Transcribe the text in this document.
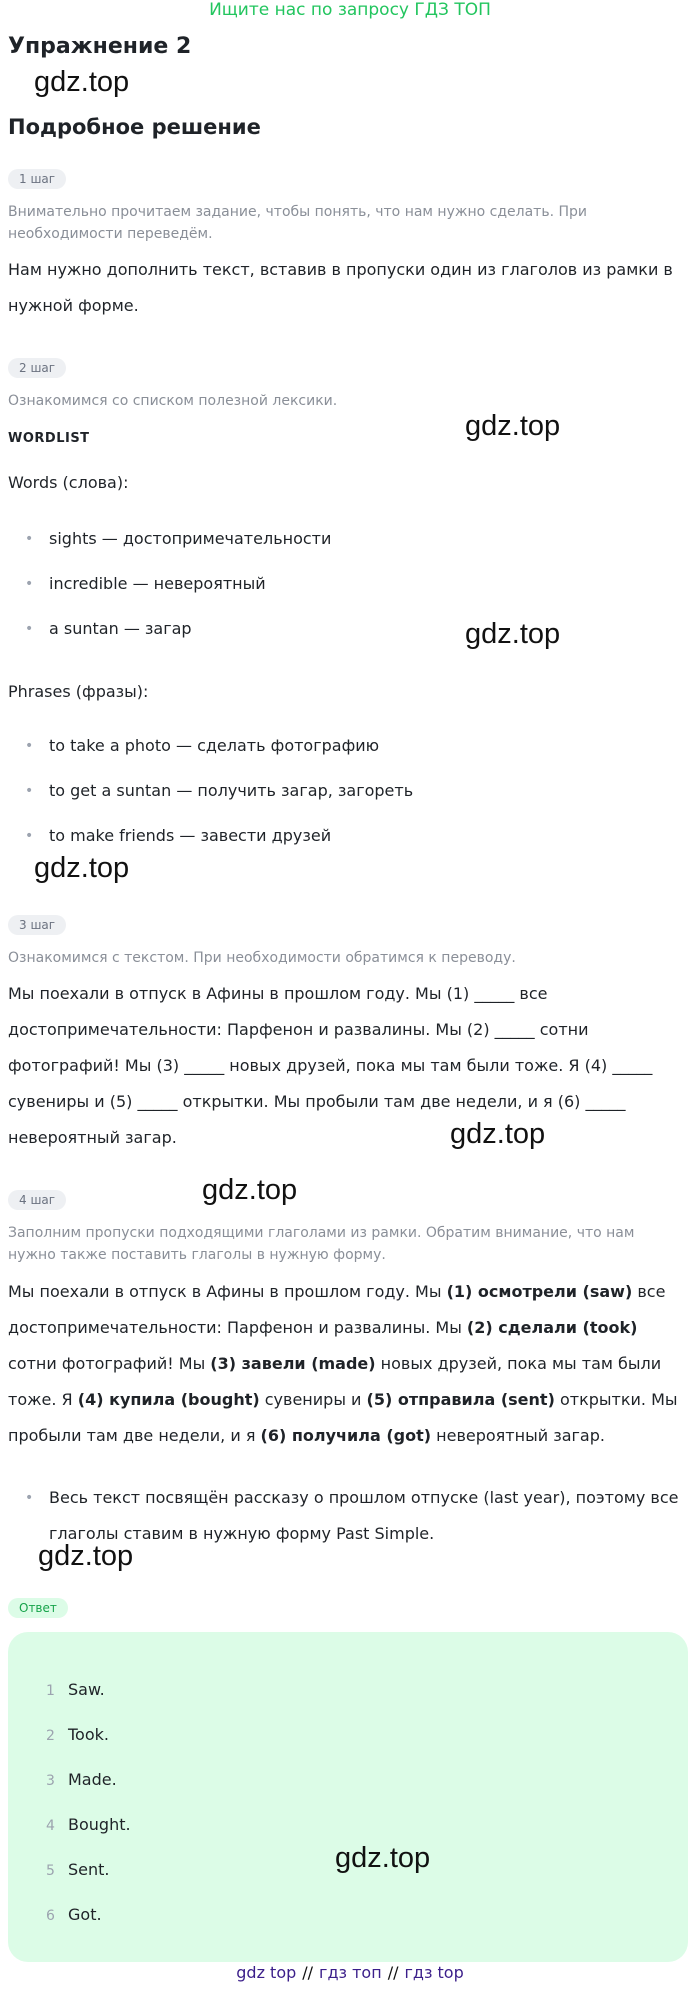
Ищите нас по запросу ГДЗ ТОП
Упражнение 2
gdz.top
Подробное решение
1 шаг
Внимательно прочитаем задание, чтобы понять, что нам нужно сделать. При необходимости переведём.
Нам нужно дополнить текст, вставив в пропуски один из глаголов из рамки в нужной форме.
2 шаг
Ознакомимся со списком полезной лексики.
WORDLIST	gdz.top
Words (слова):
• sights — достопримечательности
• incredible — невероятный
• a suntan — загар	gdz.top
Phrases (фразы):
• to take a photo — сделать фотографию
• to get a suntan — получить загар, загореть
• to make friends — завести друзей
gdz.top
3 шаг
Ознакомимся с текстом. При необходимости обратимся к переводу.
Мы поехали в отпуск в Афины в прошлом году. Мы (1) _____ все достопримечательности: Парфенон и развалины. Мы (2) _____ сотни фотографий! Мы (3) _____ новых друзей, пока мы там были тоже. Я (4) _____ сувениры и (5) _____ открытки. Мы пробыли там две недели, и я (6) _____ невероятный загар.	gdz.top
4 шаг	gdz.top
Заполним пропуски подходящими глаголами из рамки. Обратим внимание, что нам нужно также поставить глаголы в нужную форму.
Мы поехали в отпуск в Афины в прошлом году. Мы (1) осмотрели (saw) все достопримечательности: Парфенон и развалины. Мы (2) сделали (took) сотни фотографий! Мы (3) завели (made) новых друзей, пока мы там были тоже. Я (4) купила (bought) сувениры и (5) отправила (sent) открытки. Мы пробыли там две недели, и я (6) получила (got) невероятный загар.
• Весь текст посвящён рассказу о прошлом отпуске (last year), поэтому все глаголы ставим в нужную форму Past Simple.
gdz.top
Ответ
1 Saw.
2 Took.
3 Made.
4 Bought.
5 Sent.
6 Got.
gdz.top
gdz top // гдз топ // гдз top
